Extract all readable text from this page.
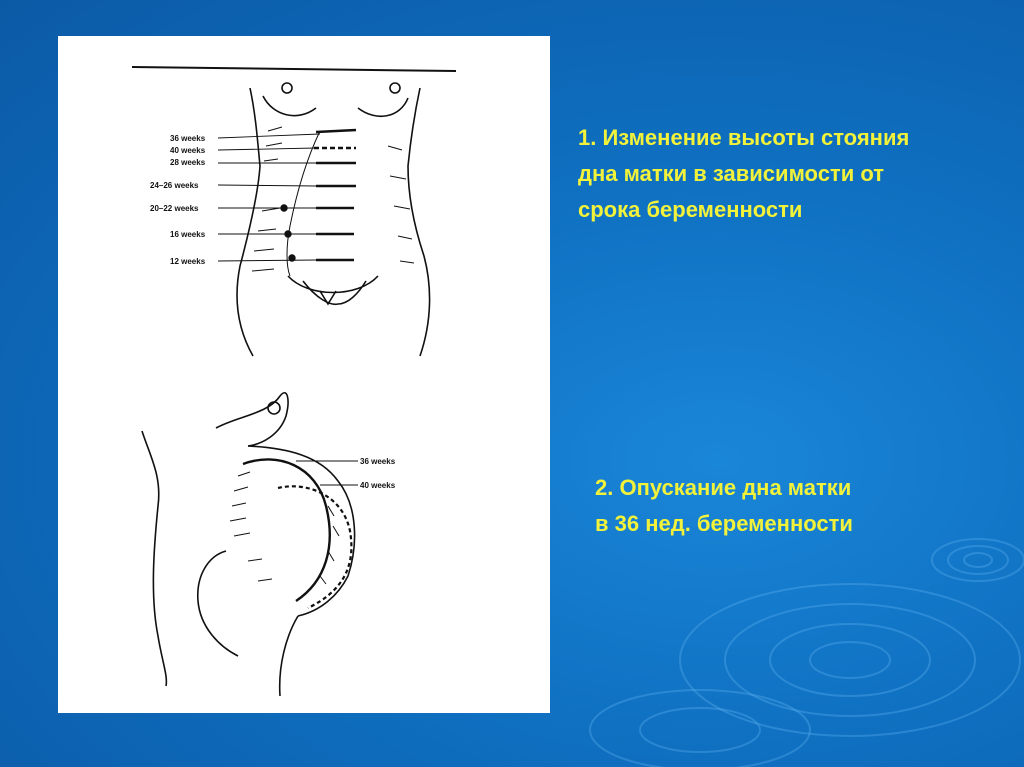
36 weeks
40 weeks
28 weeks
24–26 weeks
20–22 weeks
16 weeks
12 weeks
36 weeks
40 weeks
1. Изменение высоты стояния
дна матки в зависимости от
срока беременности
2. Опускание дна матки
в 36 нед. беременности
